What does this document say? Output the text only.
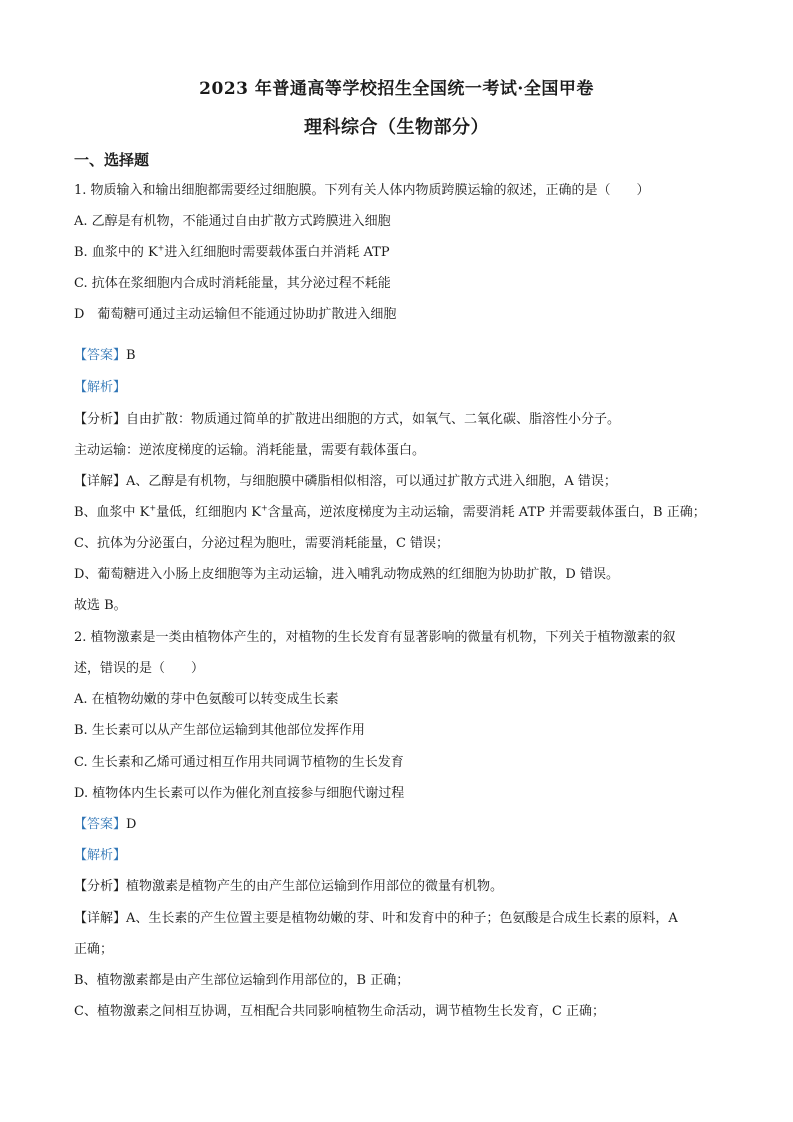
2023 年普通高等学校招生全国统一考试·全国甲卷
理科综合（生物部分）
一、选择题
1. 物质输入和输出细胞都需要经过细胞膜。下列有关人体内物质跨膜运输的叙述，正确的是（　　）
A. 乙醇是有机物，不能通过自由扩散方式跨膜进入细胞
B. 血浆中的 K+进入红细胞时需要载体蛋白并消耗 ATP
C. 抗体在浆细胞内合成时消耗能量，其分泌过程不耗能
D　葡萄糖可通过主动运输但不能通过协助扩散进入细胞
【答案】B
【解析】
【分析】自由扩散：物质通过简单的扩散进出细胞的方式，如氧气、二氧化碳、脂溶性小分子。
主动运输：逆浓度梯度的运输。消耗能量，需要有载体蛋白。
【详解】A、乙醇是有机物，与细胞膜中磷脂相似相溶，可以通过扩散方式进入细胞，A 错误；
B、血浆中 K+量低，红细胞内 K+含量高，逆浓度梯度为主动运输，需要消耗 ATP 并需要载体蛋白，B 正确；
C、抗体为分泌蛋白，分泌过程为胞吐，需要消耗能量，C 错误；
D、葡萄糖进入小肠上皮细胞等为主动运输，进入哺乳动物成熟的红细胞为协助扩散，D 错误。
故选 B。
2. 植物激素是一类由植物体产生的，对植物的生长发育有显著影响的微量有机物，下列关于植物激素的叙
述，错误的是（　　）
A. 在植物幼嫩的芽中色氨酸可以转变成生长素
B. 生长素可以从产生部位运输到其他部位发挥作用
C. 生长素和乙烯可通过相互作用共同调节植物的生长发育
D. 植物体内生长素可以作为催化剂直接参与细胞代谢过程
【答案】D
【解析】
【分析】植物激素是植物产生的由产生部位运输到作用部位的微量有机物。
【详解】A、生长素的产生位置主要是植物幼嫩的芽、叶和发育中的种子；色氨酸是合成生长素的原料，A
正确；
B、植物激素都是由产生部位运输到作用部位的，B 正确；
C、植物激素之间相互协调，互相配合共同影响植物生命活动，调节植物生长发育，C 正确；
